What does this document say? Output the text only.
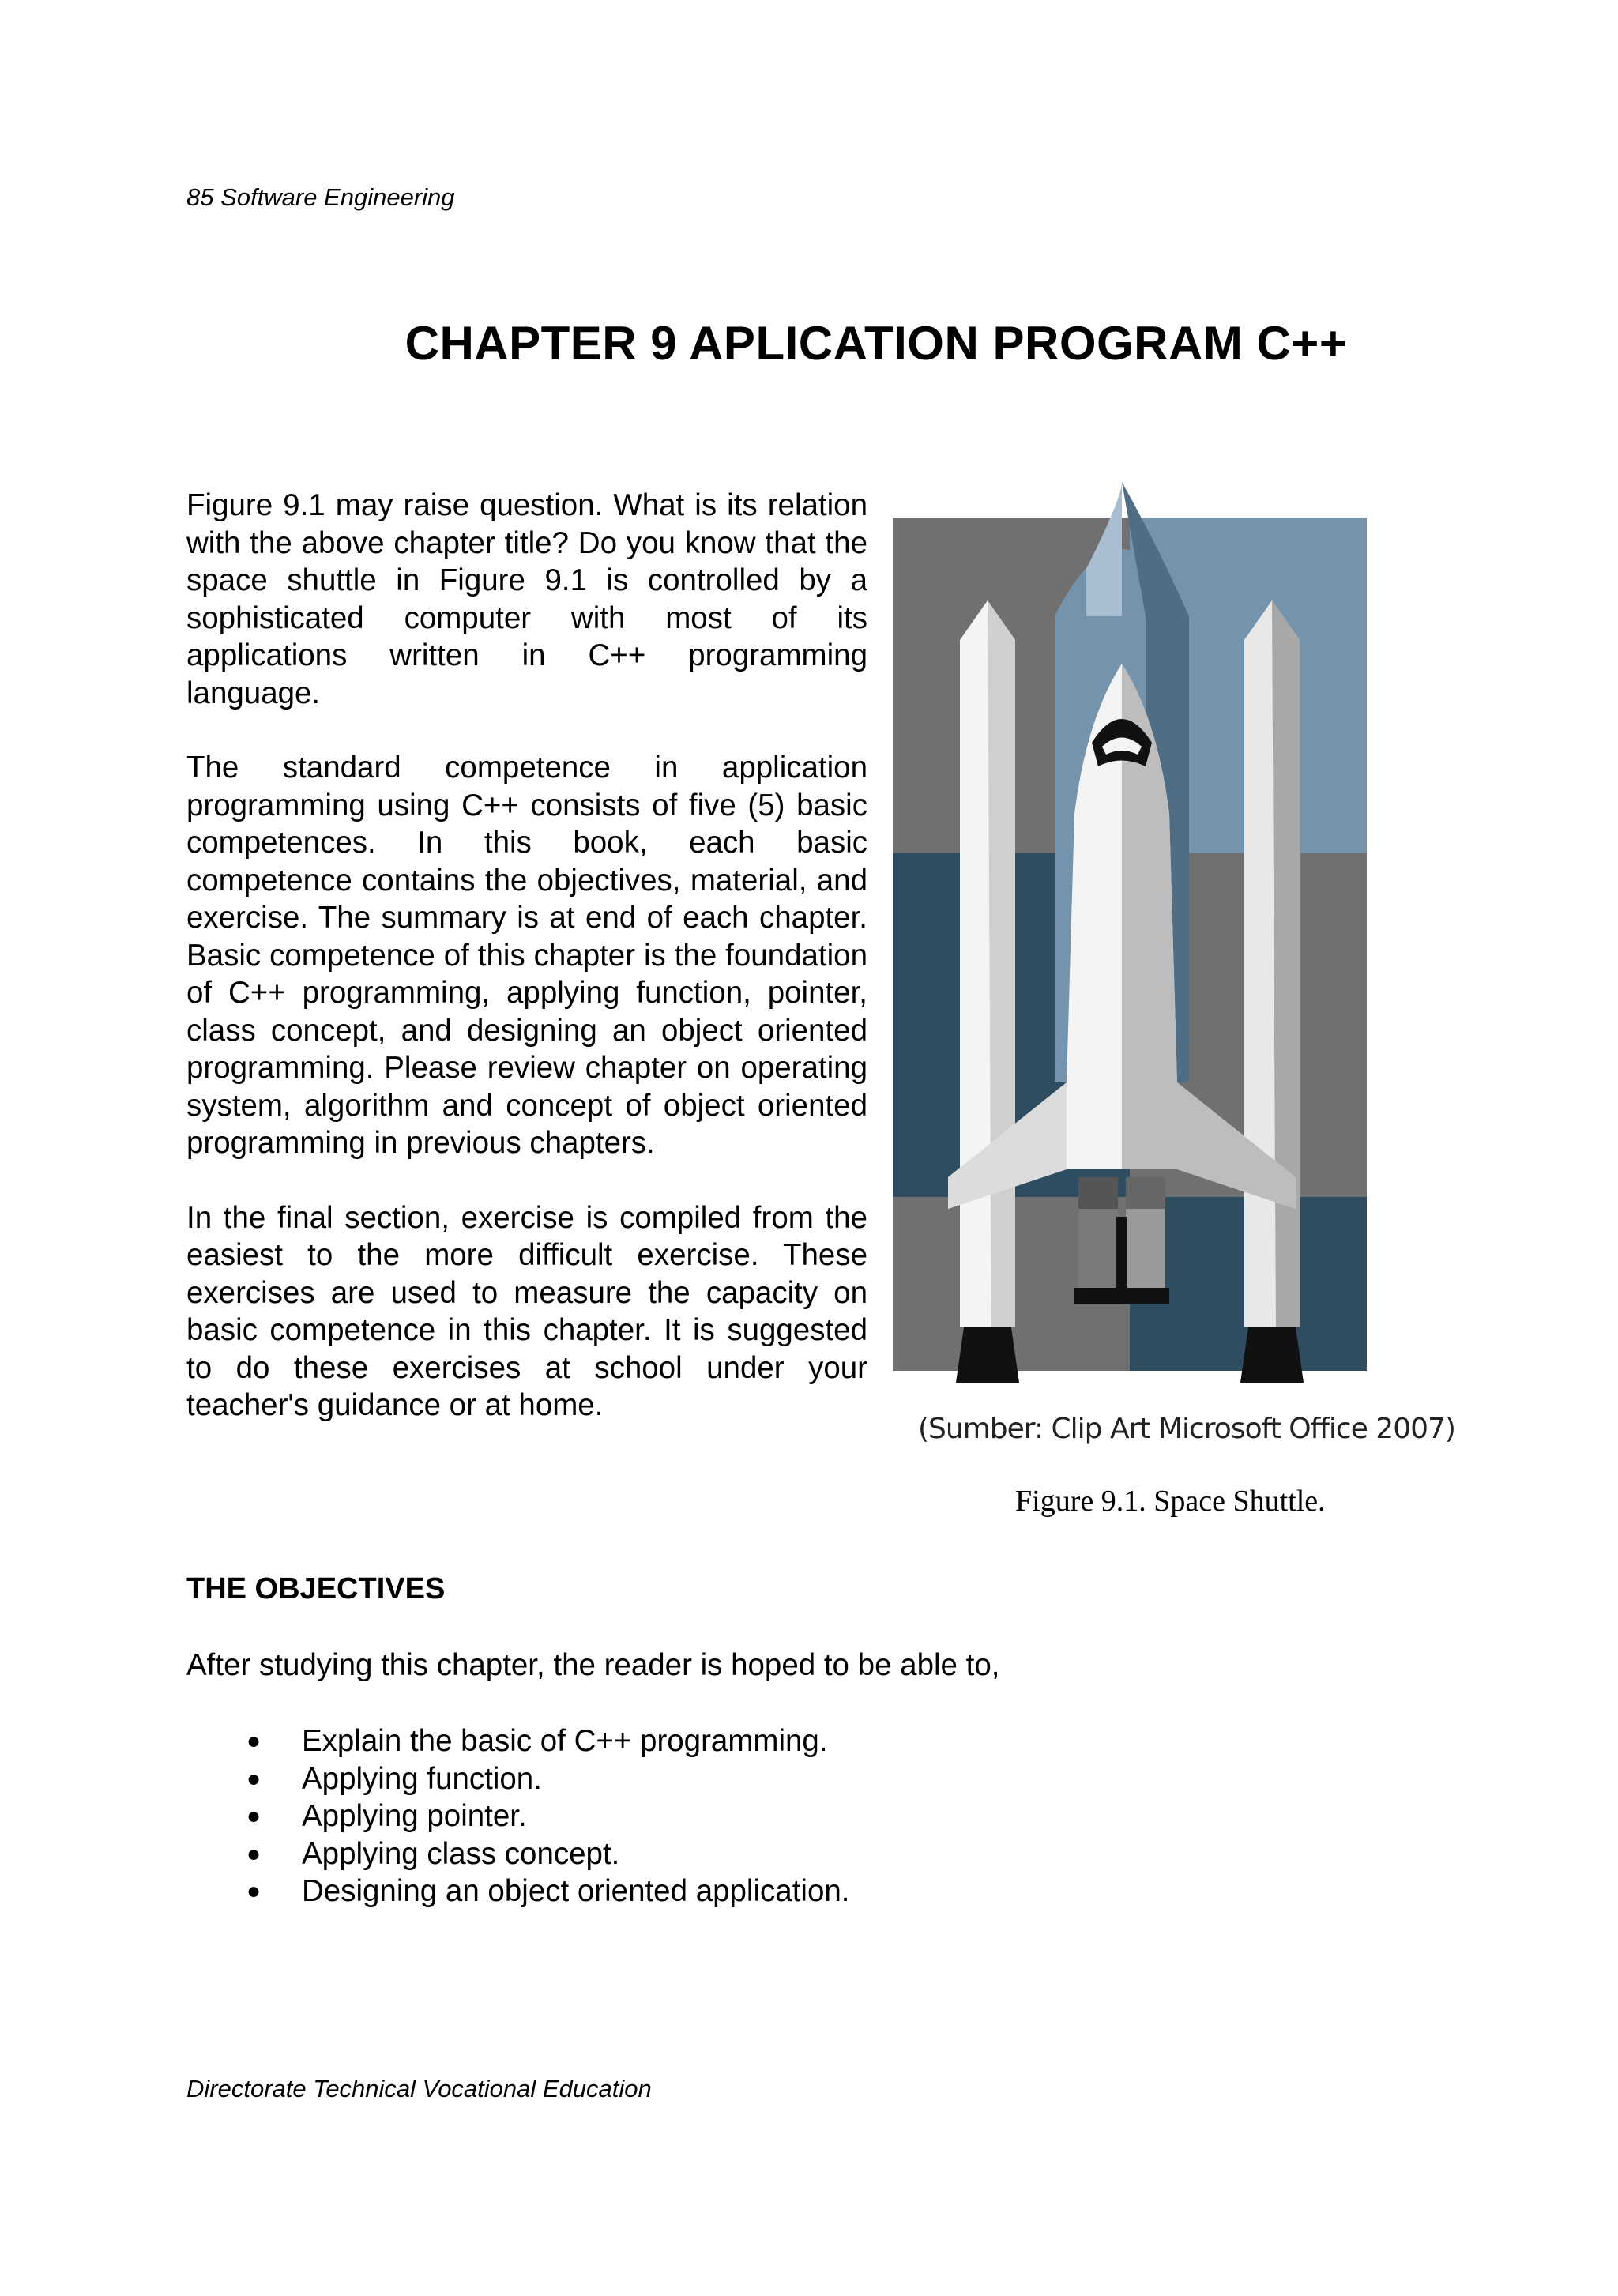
85 Software Engineering
CHAPTER 9 APLICATION PROGRAM C++

Figure 9.1 may raise question. What is its relation with the above chapter title? Do you know that the space shuttle in Figure 9.1 is controlled by a sophisticated computer with most of its applications written in C++ programming language.

The standard competence in application programming using C++ consists of five (5) basic competences. In this book, each basic competence contains the objectives, material, and exercise. The summary is at end of each chapter. Basic competence of this chapter is the foundation of C++ programming, applying function, pointer, class concept, and designing an object oriented programming. Please review chapter on operating system, algorithm and concept of object oriented programming in previous chapters.

In the final section, exercise is compiled from the easiest to the more difficult exercise. These exercises are used to measure the capacity on basic competence in this chapter. It is suggested to do these exercises at school under your teacher's guidance or at home.

(Sumber: Clip Art Microsoft Office 2007)
Figure 9.1. Space Shuttle.
THE OBJECTIVES

After studying this chapter, the reader is hoped to be able to,

● Explain the basic of C++ programming.
● Applying function.
● Applying pointer.
● Applying class concept.
● Designing an object oriented application.
Directorate Technical Vocational Education
